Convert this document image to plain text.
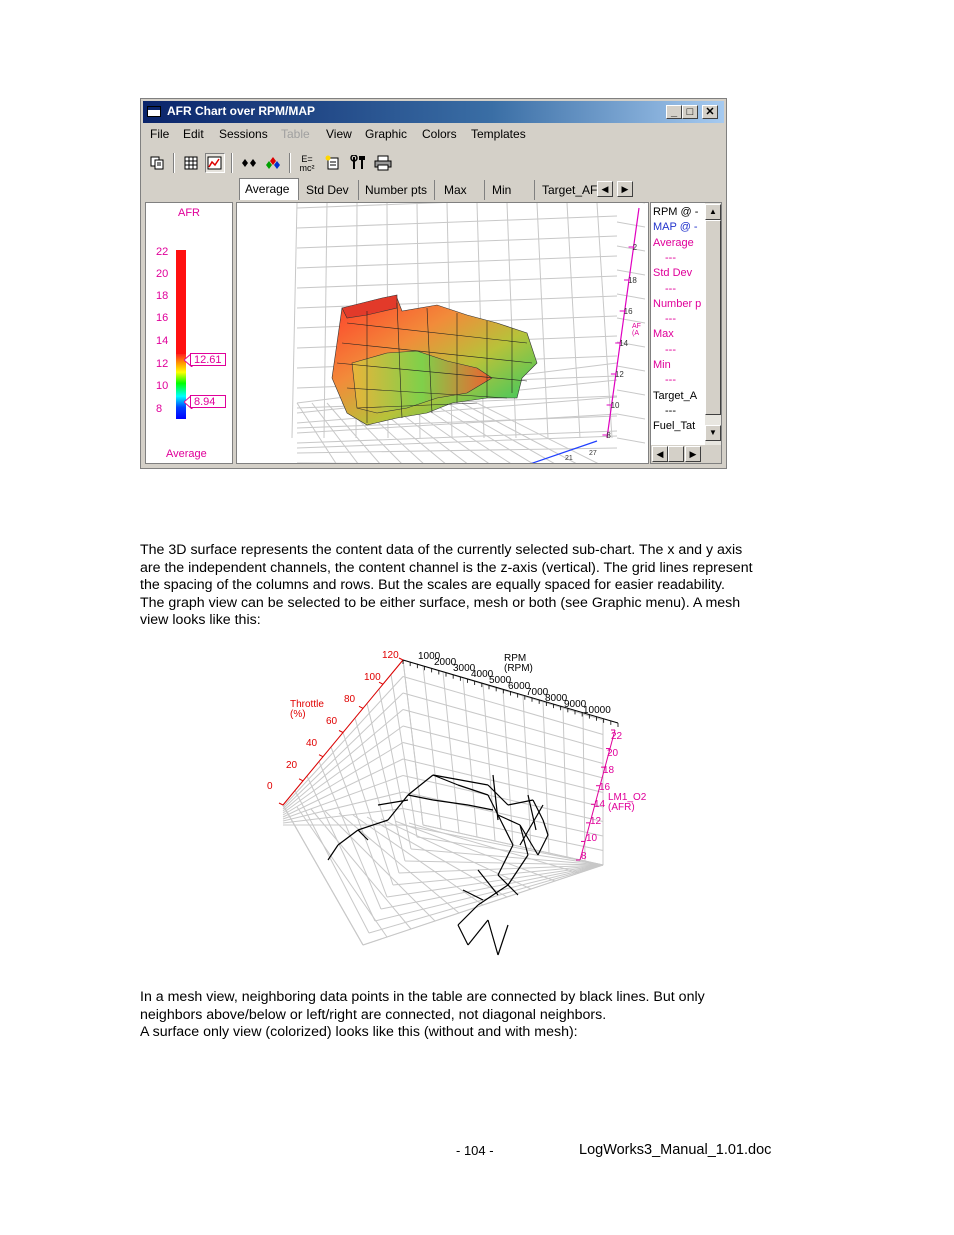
AFR Chart over RPM/MAP	_ □	✕
File Edit Sessions Table View Graphic Colors Templates
E=
mc²
Average	Std Dev	Number pts	Max	Min	Target_AF ◀	▶
AFR
22
20
18
16
14
12
10
8
12.61
8.94
Average
2
18
16
14
12
10
8
AF
(A
21
27
RPM @ -
MAP @ -
Average
---
Std Dev
---
Number p
---
Max
---
Min
---
Target_A
---
Fuel_Tat
▲
▼
◀	▶

The 3D surface represents the content data of the currently selected sub-chart. The x and y axis

are the independent channels, the content channel is the z-axis (vertical). The grid lines represent

the spacing of the columns and rows. But the scales are equally spaced for easier readability.

The graph view can be selected to be either surface, mesh or both (see Graphic menu). A mesh

view looks like this:

RPM
(RPM)
Throttle
(%)
LM1_O2
(AFR)
1000
2000
3000
4000
5000
6000
7000
8000
9000
10000
0
20
40
60
80
100
120
22
20
18
16
14
12
10
8

In a mesh view, neighboring data points in the table are connected by black lines. But only

neighbors above/below or left/right are connected, not diagonal neighbors.

A surface only view (colorized) looks like this (without and with mesh):

- 104 -	LogWorks3_Manual_1.01.doc
